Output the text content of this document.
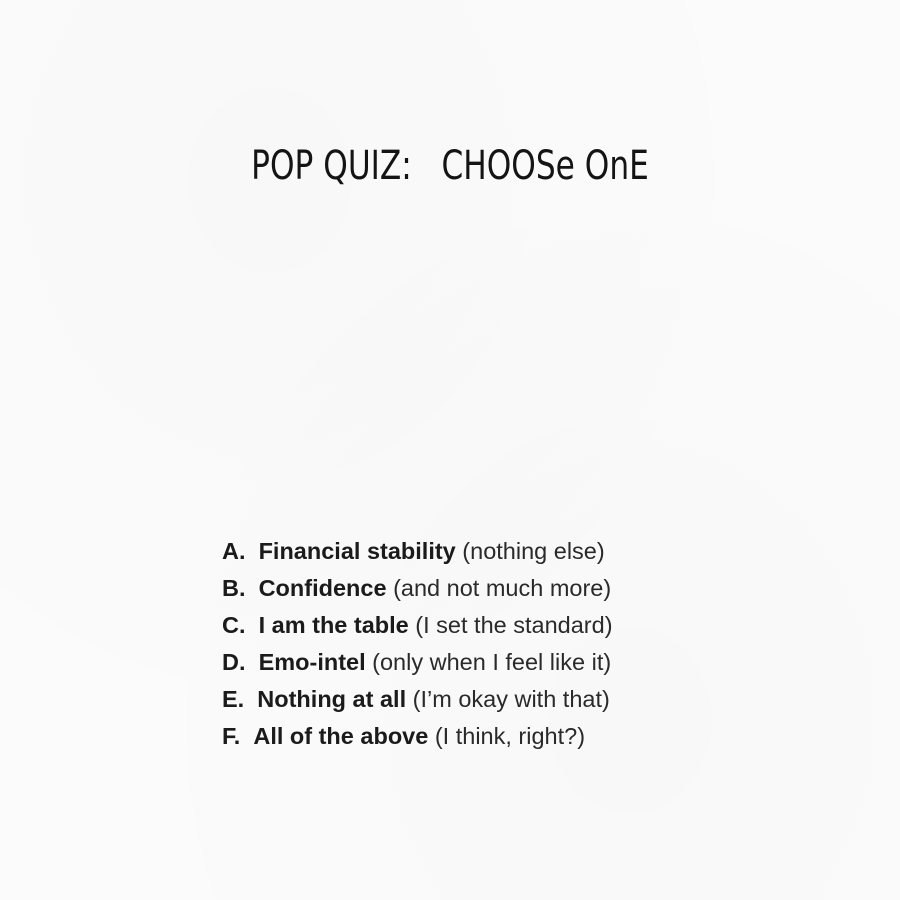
POP QUIZ:   CHOOSe OnE
A. Financial stability (nothing else)
B. Confidence (and not much more)
C. I am the table (I set the standard)
D. Emo-intel (only when I feel like it)
E. Nothing at all (I’m okay with that)
F. All of the above (I think, right?)
